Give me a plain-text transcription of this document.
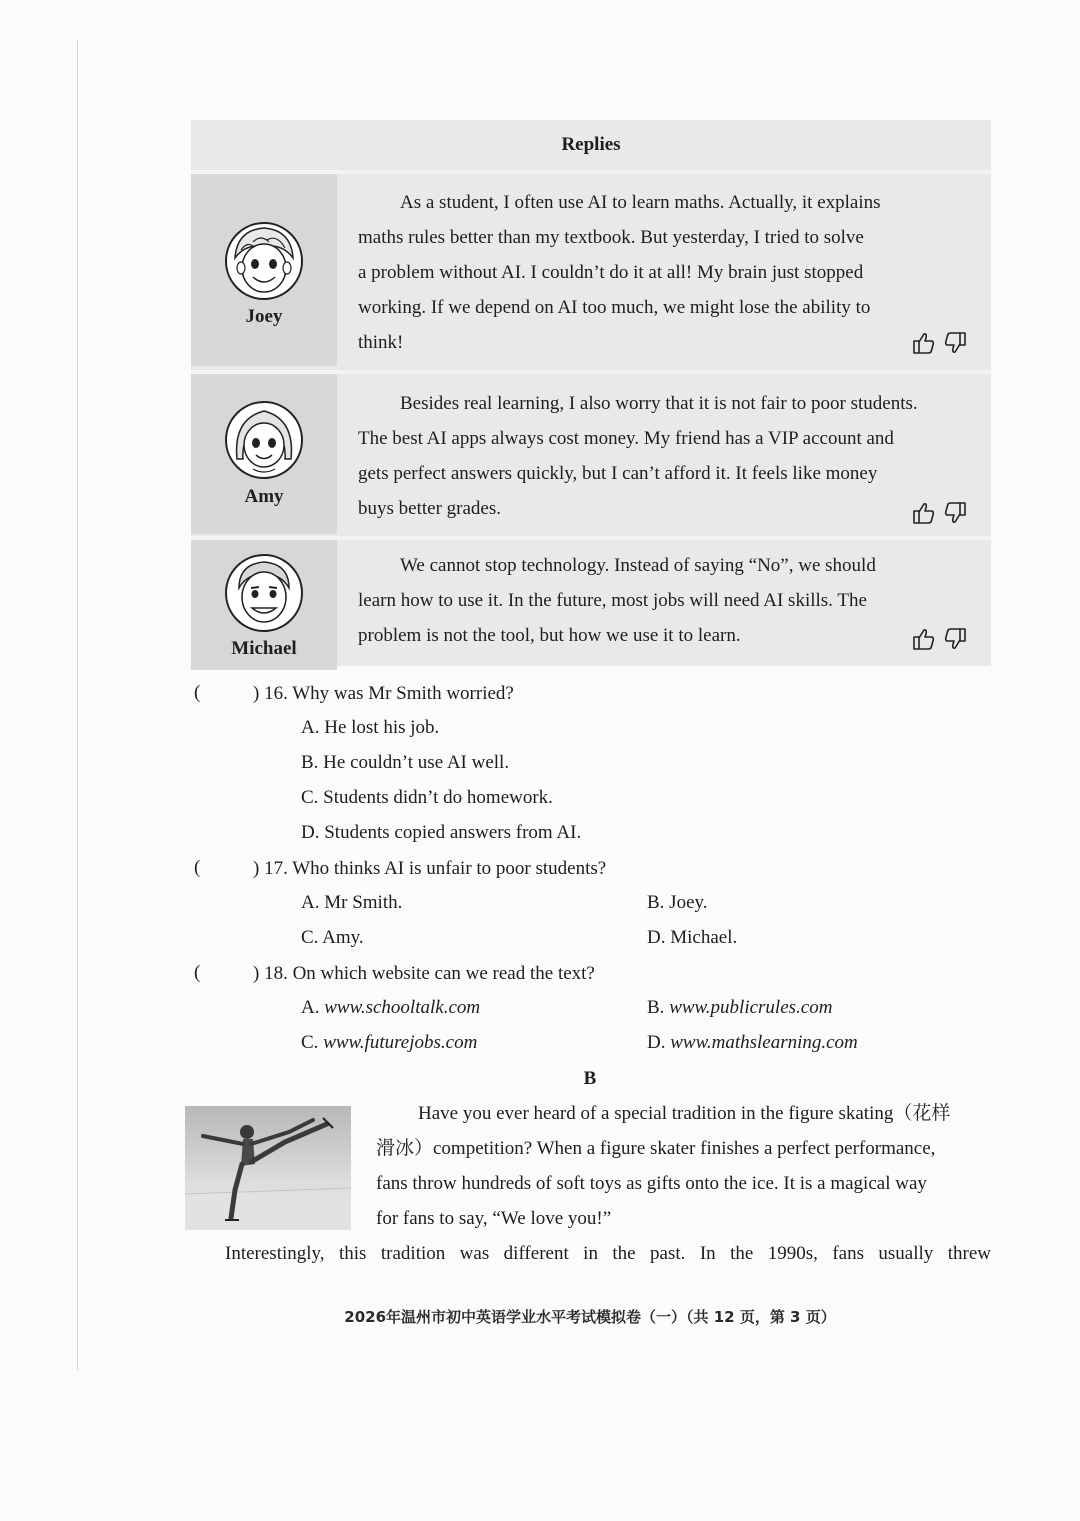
Replies
Joey
As a student, I often use AI to learn maths. Actually, it explains
maths rules better than my textbook. But yesterday, I tried to solve
a problem without AI. I couldn’t do it at all! My brain just stopped
working. If we depend on AI too much, we might lose the ability to
think!
Amy
Besides real learning, I also worry that it is not fair to poor students.
The best AI apps always cost money. My friend has a VIP account and
gets perfect answers quickly, but I can’t afford it. It feels like money
buys better grades.
Michael
We cannot stop technology. Instead of saying “No”, we should
learn how to use it. In the future, most jobs will need AI skills. The
problem is not the tool, but how we use it to learn.
(	) 16. Why was Mr Smith worried?
A. He lost his job.
B. He couldn’t use AI well.
C. Students didn’t do homework.
D. Students copied answers from AI.
(	) 17. Who thinks AI is unfair to poor students?
A. Mr Smith.	B. Joey.
C. Amy.	D. Michael.
(	) 18. On which website can we read the text?
A. www.schooltalk.com	B. www.publicrules.com
C. www.futurejobs.com	D. www.mathslearning.com
B
Have you ever heard of a special tradition in the figure skating（花样
滑冰）competition? When a figure skater finishes a perfect performance,
fans throw hundreds of soft toys as gifts onto the ice. It is a magical way
for fans to say, “We love you!”
Interestingly, this tradition was different in the past. In the 1990s, fans usually threw
2026年温州市初中英语学业水平考试模拟卷（一）（共 12 页，第 3 页）
